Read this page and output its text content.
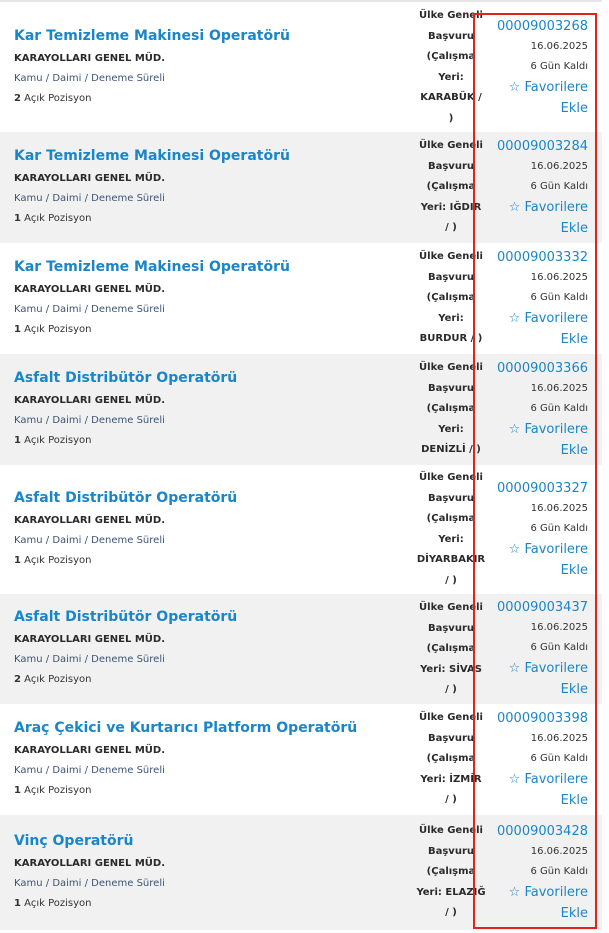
Kar Temizleme Makinesi Operatörü
KARAYOLLARI GENEL MÜD.
Kamu / Daimi / Deneme Süreli
2 Açık Pozisyon
Ülke Geneli
Başvuru
(Çalışma
Yeri:
KARABÜK /
)
00009003268
16.06.2025
6 Gün Kaldı
☆ Favorilere
Ekle
Kar Temizleme Makinesi Operatörü
KARAYOLLARI GENEL MÜD.
Kamu / Daimi / Deneme Süreli
1 Açık Pozisyon
Ülke Geneli
Başvuru
(Çalışma
Yeri: IĞDIR
/ )
00009003284
16.06.2025
6 Gün Kaldı
☆ Favorilere
Ekle
Kar Temizleme Makinesi Operatörü
KARAYOLLARI GENEL MÜD.
Kamu / Daimi / Deneme Süreli
1 Açık Pozisyon
Ülke Geneli
Başvuru
(Çalışma
Yeri:
BURDUR / )
00009003332
16.06.2025
6 Gün Kaldı
☆ Favorilere
Ekle
Asfalt Distribütör Operatörü
KARAYOLLARI GENEL MÜD.
Kamu / Daimi / Deneme Süreli
1 Açık Pozisyon
Ülke Geneli
Başvuru
(Çalışma
Yeri:
DENİZLİ / )
00009003366
16.06.2025
6 Gün Kaldı
☆ Favorilere
Ekle
Asfalt Distribütör Operatörü
KARAYOLLARI GENEL MÜD.
Kamu / Daimi / Deneme Süreli
1 Açık Pozisyon
Ülke Geneli
Başvuru
(Çalışma
Yeri:
DİYARBAKIR
/ )
00009003327
16.06.2025
6 Gün Kaldı
☆ Favorilere
Ekle
Asfalt Distribütör Operatörü
KARAYOLLARI GENEL MÜD.
Kamu / Daimi / Deneme Süreli
2 Açık Pozisyon
Ülke Geneli
Başvuru
(Çalışma
Yeri: SİVAS
/ )
00009003437
16.06.2025
6 Gün Kaldı
☆ Favorilere
Ekle
Araç Çekici ve Kurtarıcı Platform Operatörü
KARAYOLLARI GENEL MÜD.
Kamu / Daimi / Deneme Süreli
1 Açık Pozisyon
Ülke Geneli
Başvuru
(Çalışma
Yeri: İZMİR
/ )
00009003398
16.06.2025
6 Gün Kaldı
☆ Favorilere
Ekle
Vinç Operatörü
KARAYOLLARI GENEL MÜD.
Kamu / Daimi / Deneme Süreli
1 Açık Pozisyon
Ülke Geneli
Başvuru
(Çalışma
Yeri: ELAZIĞ
/ )
00009003428
16.06.2025
6 Gün Kaldı
☆ Favorilere
Ekle
